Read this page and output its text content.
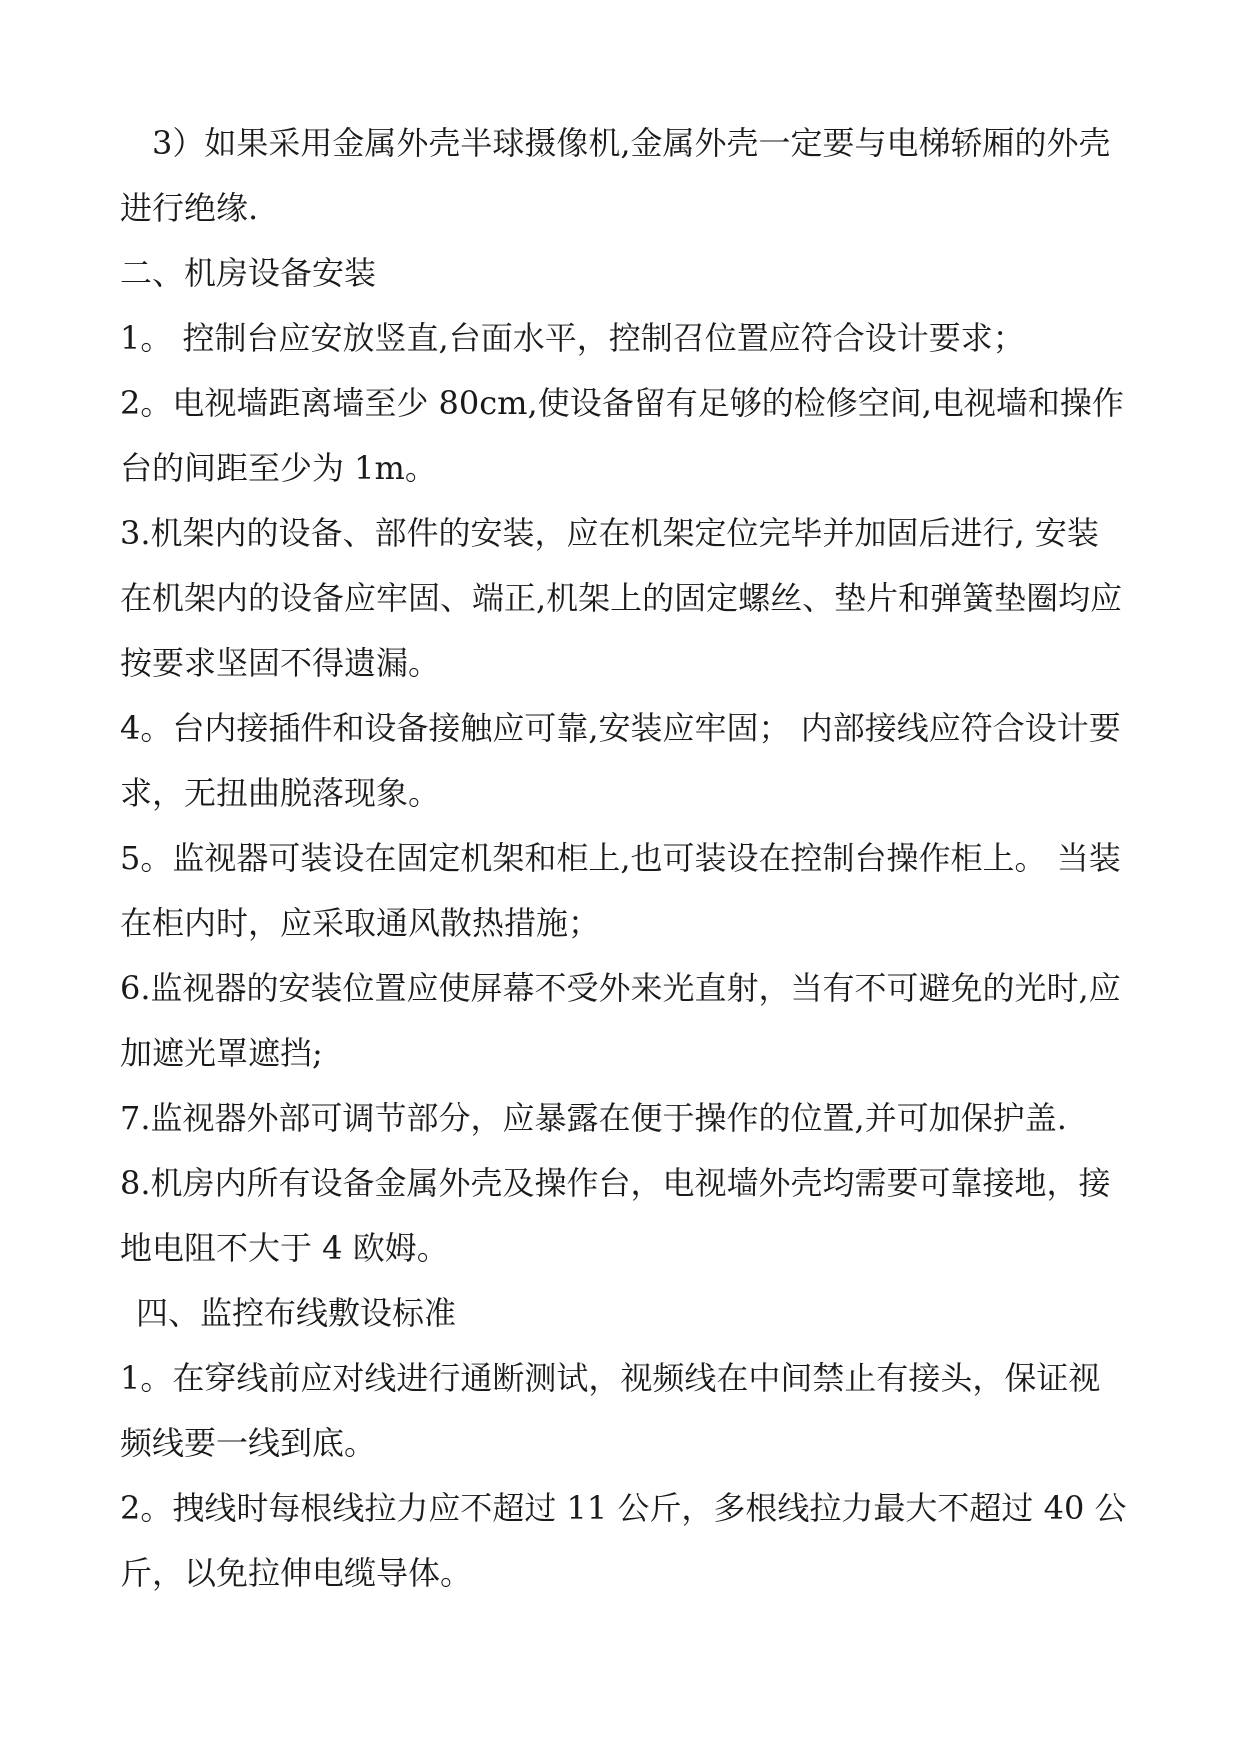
3）如果采用金属外壳半球摄像机,金属外壳一定要与电梯轿厢的外壳进行绝缘.

二、机房设备安装

1。 控制台应安放竖直,台面水平，控制召位置应符合设计要求；

2。电视墙距离墙至少 80cm,使设备留有足够的检修空间,电视墙和操作台的间距至少为 1m。

3.机架内的设备、部件的安装，应在机架定位完毕并加固后进行, 安装在机架内的设备应牢固、端正,机架上的固定螺丝、垫片和弹簧垫圈均应按要求坚固不得遗漏。

4。台内接插件和设备接触应可靠,安装应牢固； 内部接线应符合设计要求，无扭曲脱落现象。

5。监视器可装设在固定机架和柜上,也可装设在控制台操作柜上。 当装在柜内时，应采取通风散热措施；

6.监视器的安装位置应使屏幕不受外来光直射，当有不可避免的光时,应加遮光罩遮挡;

7.监视器外部可调节部分，应暴露在便于操作的位置,并可加保护盖.

8.机房内所有设备金属外壳及操作台，电视墙外壳均需要可靠接地，接地电阻不大于 4 欧姆。

四、监控布线敷设标准

1。在穿线前应对线进行通断测试，视频线在中间禁止有接头，保证视频线要一线到底。

2。拽线时每根线拉力应不超过 11 公斤，多根线拉力最大不超过 40 公斤，以免拉伸电缆导体。
